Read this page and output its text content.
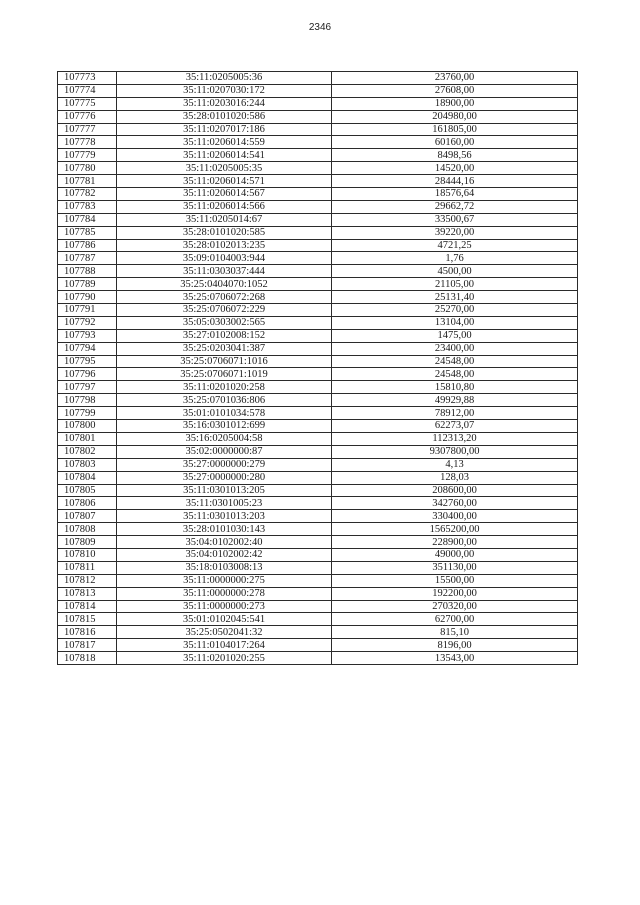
2346
107773	35:11:0205005:36	23760,00
107774	35:11:0207030:172	27608,00
107775	35:11:0203016:244	18900,00
107776	35:28:0101020:586	204980,00
107777	35:11:0207017:186	161805,00
107778	35:11:0206014:559	60160,00
107779	35:11:0206014:541	8498,56
107780	35:11:0205005:35	14520,00
107781	35:11:0206014:571	28444,16
107782	35:11:0206014:567	18576,64
107783	35:11:0206014:566	29662,72
107784	35:11:0205014:67	33500,67
107785	35:28:0101020:585	39220,00
107786	35:28:0102013:235	4721,25
107787	35:09:0104003:944	1,76
107788	35:11:0303037:444	4500,00
107789	35:25:0404070:1052	21105,00
107790	35:25:0706072:268	25131,40
107791	35:25:0706072:229	25270,00
107792	35:05:0303002:565	13104,00
107793	35:27:0102008:152	1475,00
107794	35:25:0203041:387	23400,00
107795	35:25:0706071:1016	24548,00
107796	35:25:0706071:1019	24548,00
107797	35:11:0201020:258	15810,80
107798	35:25:0701036:806	49929,88
107799	35:01:0101034:578	78912,00
107800	35:16:0301012:699	62273,07
107801	35:16:0205004:58	112313,20
107802	35:02:0000000:87	9307800,00
107803	35:27:0000000:279	4,13
107804	35:27:0000000:280	128,03
107805	35:11:0301013:205	208600,00
107806	35:11:0301005:23	342760,00
107807	35:11:0301013:203	330400,00
107808	35:28:0101030:143	1565200,00
107809	35:04:0102002:40	228900,00
107810	35:04:0102002:42	49000,00
107811	35:18:0103008:13	351130,00
107812	35:11:0000000:275	15500,00
107813	35:11:0000000:278	192200,00
107814	35:11:0000000:273	270320,00
107815	35:01:0102045:541	62700,00
107816	35:25:0502041:32	815,10
107817	35:11:0104017:264	8196,00
107818	35:11:0201020:255	13543,00
